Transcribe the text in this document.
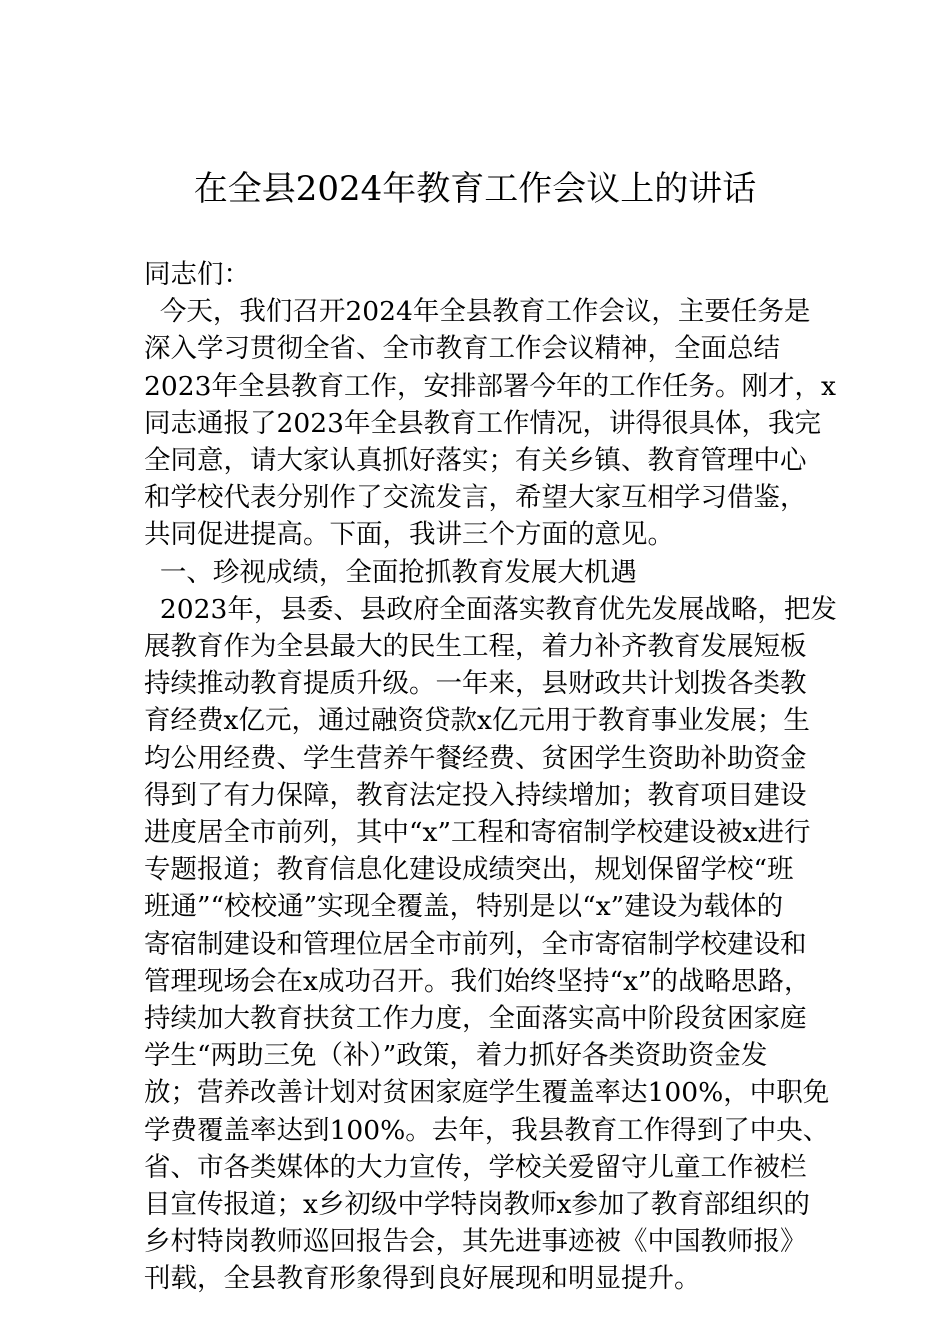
在全县2024年教育工作会议上的讲话

同志们：

今天，我们召开2024年全县教育工作会议，主要任务是
深入学习贯彻全省、全市教育工作会议精神，全面总结
2023年全县教育工作，安排部署今年的工作任务。刚才，x
同志通报了2023年全县教育工作情况，讲得很具体，我完
全同意，请大家认真抓好落实；有关乡镇、教育管理中心
和学校代表分别作了交流发言，希望大家互相学习借鉴，
共同促进提高。下面，我讲三个方面的意见。

一、珍视成绩，全面抢抓教育发展大机遇

2023年，县委、县政府全面落实教育优先发展战略，把发
展教育作为全县最大的民生工程，着力补齐教育发展短板
持续推动教育提质升级。一年来，县财政共计划拨各类教
育经费x亿元，通过融资贷款x亿元用于教育事业发展；生
均公用经费、学生营养午餐经费、贫困学生资助补助资金
得到了有力保障，教育法定投入持续增加；教育项目建设
进度居全市前列，其中“x”工程和寄宿制学校建设被x进行
专题报道；教育信息化建设成绩突出，规划保留学校“班
班通”“校校通”实现全覆盖，特别是以“x”建设为载体的
寄宿制建设和管理位居全市前列，全市寄宿制学校建设和
管理现场会在x成功召开。我们始终坚持“x”的战略思路，
持续加大教育扶贫工作力度，全面落实高中阶段贫困家庭
学生“两助三免（补）”政策，着力抓好各类资助资金发
放；营养改善计划对贫困家庭学生覆盖率达100%，中职免
学费覆盖率达到100%。去年，我县教育工作得到了中央、
省、市各类媒体的大力宣传，学校关爱留守儿童工作被栏
目宣传报道；x乡初级中学特岗教师x参加了教育部组织的
乡村特岗教师巡回报告会，其先进事迹被《中国教师报》
刊载，全县教育形象得到良好展现和明显提升。
